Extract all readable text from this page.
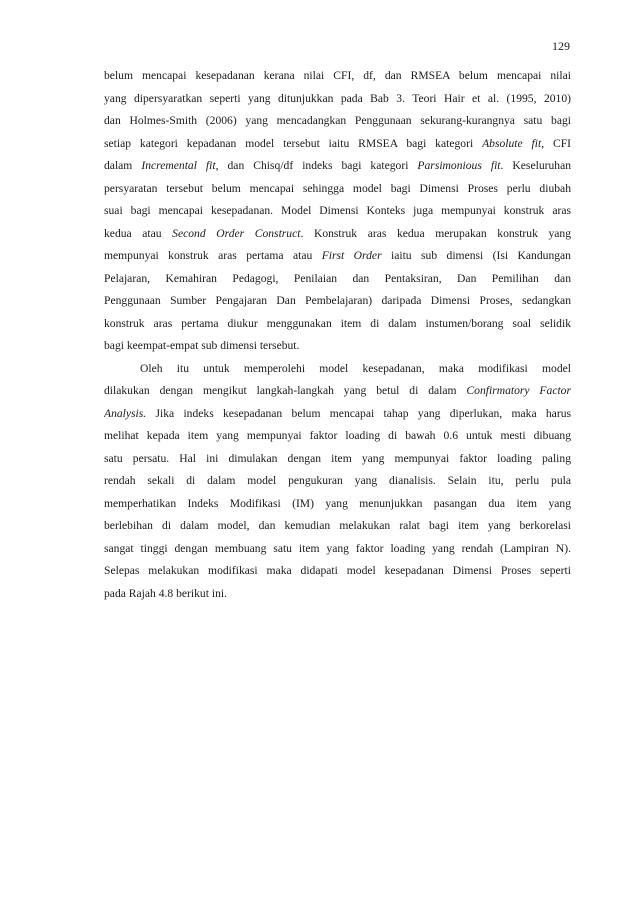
129
belum mencapai kesepadanan kerana nilai CFI, df, dan RMSEA belum mencapai nilai
yang dipersyaratkan seperti yang ditunjukkan pada Bab 3. Teori Hair et al. (1995, 2010)
dan Holmes-Smith (2006) yang mencadangkan Penggunaan sekurang-kurangnya satu bagi
setiap kategori kepadanan model tersebut iaitu RMSEA bagi kategori Absolute fit, CFI
dalam Incremental fit, dan Chisq/df indeks bagi kategori Parsimonious fit. Keseluruhan
persyaratan tersebut belum mencapai sehingga model bagi Dimensi Proses perlu diubah
suai bagi mencapai kesepadanan. Model Dimensi Konteks juga mempunyai konstruk aras
kedua atau Second Order Construct. Konstruk aras kedua merupakan konstruk yang
mempunyai konstruk aras pertama atau First Order iaitu sub dimensi (Isi Kandungan
Pelajaran, Kemahiran Pedagogi, Penilaian dan Pentaksiran, Dan Pemilihan dan
Penggunaan Sumber Pengajaran Dan Pembelajaran) daripada Dimensi Proses, sedangkan
konstruk aras pertama diukur menggunakan item di dalam instumen/borang soal selidik
bagi keempat-empat sub dimensi tersebut.
Oleh itu untuk memperolehi model kesepadanan, maka modifikasi model
dilakukan dengan mengikut langkah-langkah yang betul di dalam Confirmatory Factor
Analysis. Jika indeks kesepadanan belum mencapai tahap yang diperlukan, maka harus
melihat kepada item yang mempunyai faktor loading di bawah 0.6 untuk mesti dibuang
satu persatu. Hal ini dimulakan dengan item yang mempunyai faktor loading paling
rendah sekali di dalam model pengukuran yang dianalisis. Selain itu, perlu pula
memperhatikan Indeks Modifikasi (IM) yang menunjukkan pasangan dua item yang
berlebihan di dalam model, dan kemudian melakukan ralat bagi item yang berkorelasi
sangat tinggi dengan membuang satu item yang faktor loading yang rendah (Lampiran N).
Selepas melakukan modifikasi maka didapati model kesepadanan Dimensi Proses seperti
pada Rajah 4.8 berikut ini.
